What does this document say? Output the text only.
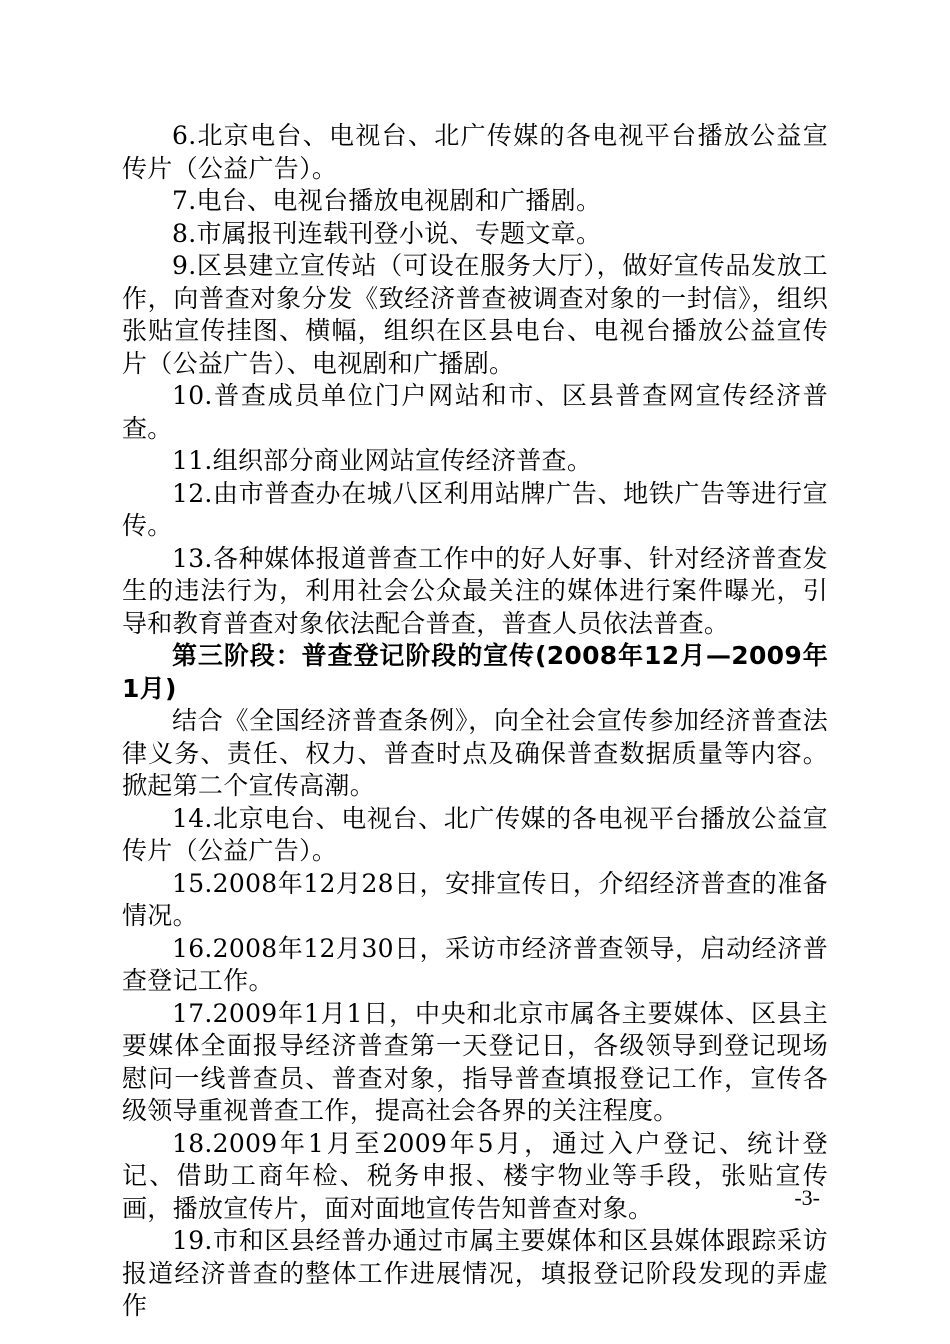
6.北京电台、电视台、北广传媒的各电视平台播放公益宣传片（公益广告）。

7.电台、电视台播放电视剧和广播剧。

8.市属报刊连载刊登小说、专题文章。

9.区县建立宣传站（可设在服务大厅），做好宣传品发放工作，向普查对象分发《致经济普查被调查对象的一封信》，组织张贴宣传挂图、横幅，组织在区县电台、电视台播放公益宣传片（公益广告）、电视剧和广播剧。

10.普查成员单位门户网站和市、区县普查网宣传经济普查。

11.组织部分商业网站宣传经济普查。

12.由市普查办在城八区利用站牌广告、地铁广告等进行宣传。

13.各种媒体报道普查工作中的好人好事、针对经济普查发生的违法行为，利用社会公众最关注的媒体进行案件曝光，引导和教育普查对象依法配合普查，普查人员依法普查。

第三阶段：普查登记阶段的宣传(2008年12月—2009年1月)

结合《全国经济普查条例》，向全社会宣传参加经济普查法律义务、责任、权力、普查时点及确保普查数据质量等内容。掀起第二个宣传高潮。

14.北京电台、电视台、北广传媒的各电视平台播放公益宣传片（公益广告）。

15.2008年12月28日，安排宣传日，介绍经济普查的准备情况。

16.2008年12月30日，采访市经济普查领导，启动经济普查登记工作。

17.2009年1月1日，中央和北京市属各主要媒体、区县主要媒体全面报导经济普查第一天登记日，各级领导到登记现场慰问一线普查员、普查对象，指导普查填报登记工作，宣传各级领导重视普查工作，提高社会各界的关注程度。

18.2009年1月至2009年5月，通过入户登记、统计登记、借助工商年检、税务申报、楼宇物业等手段，张贴宣传画，播放宣传片，面对面地宣传告知普查对象。

19.市和区县经普办通过市属主要媒体和区县媒体跟踪采访报道经济普查的整体工作进展情况，填报登记阶段发现的弄虚作

-3-
